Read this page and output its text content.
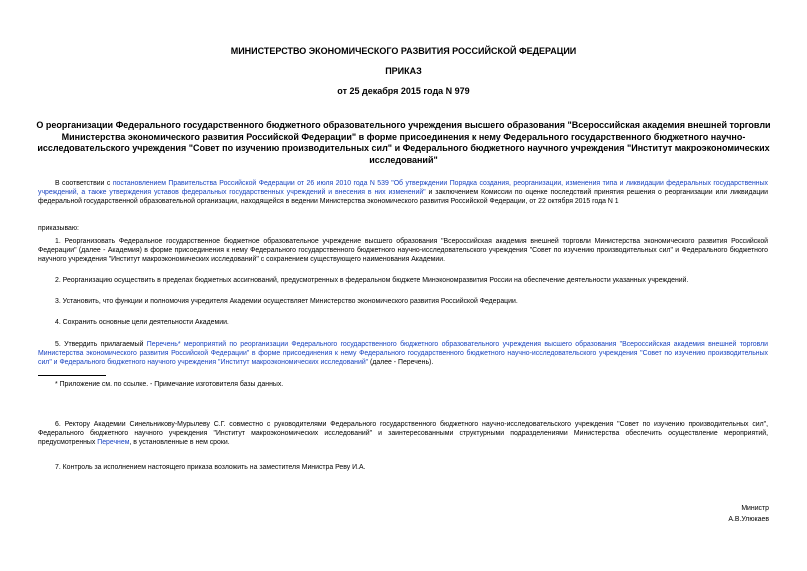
МИНИСТЕРСТВО ЭКОНОМИЧЕСКОГО РАЗВИТИЯ РОССИЙСКОЙ ФЕДЕРАЦИИ

ПРИКАЗ

от 25 декабря 2015 года N 979

О реорганизации Федерального государственного бюджетного образовательного учреждения высшего образования "Всероссийская академия внешней торговли Министерства экономического развития Российской Федерации" в форме присоединения к нему Федерального государственного бюджетного научно-исследовательского учреждения "Совет по изучению производительных сил" и Федерального бюджетного научного учреждения "Институт макроэкономических исследований"

В соответствии с постановлением Правительства Российской Федерации от 26 июля 2010 года N 539 "Об утверждении Порядка создания, реорганизации, изменения типа и ликвидации федеральных государственных учреждений, а также утверждения уставов федеральных государственных учреждений и внесения в них изменений" и заключением Комиссии по оценке последствий принятия решения о реорганизации или ликвидации федеральной государственной образовательной организации, находящейся в ведении Министерства экономического развития Российской Федерации, от 22 октября 2015 года N 1

приказываю:

1. Реорганизовать Федеральное государственное бюджетное образовательное учреждение высшего образования "Всероссийская академия внешней торговли Министерства экономического развития Российской Федерации" (далее - Академия) в форме присоединения к нему Федерального государственного бюджетного научно-исследовательского учреждения "Совет по изучению производительных сил" и Федерального бюджетного научного учреждения "Институт макроэкономических исследований" с сохранением существующего наименования Академии.

2. Реорганизацию осуществить в пределах бюджетных ассигнований, предусмотренных в федеральном бюджете Минэкономразвития России на обеспечение деятельности указанных учреждений.

3. Установить, что функции и полномочия учредителя Академии осуществляет Министерство экономического развития Российской Федерации.

4. Сохранить основные цели деятельности Академии.

5. Утвердить прилагаемый Перечень* мероприятий по реорганизации Федерального государственного бюджетного образовательного учреждения высшего образования "Всероссийская академия внешней торговли Министерства экономического развития Российской Федерации" в форме присоединения к нему Федерального государственного бюджетного научно-исследовательского учреждения "Совет по изучению производительных сил" и Федерального бюджетного научного учреждения "Институт макроэкономических исследований" (далее - Перечень).

* Приложение см. по ссылке. - Примечание изготовителя базы данных.

6. Ректору Академии Синельникову-Мурылеву С.Г. совместно с руководителями Федерального государственного бюджетного научно-исследовательского учреждения "Совет по изучению производительных сил", Федерального бюджетного научного учреждения "Институт макроэкономических исследований" и заинтересованными структурными подразделениями Министерства обеспечить осуществление мероприятий, предусмотренных Перечнем, в установленные в нем сроки.

7. Контроль за исполнением настоящего приказа возложить на заместителя Министра Реву И.А.

Министр

А.В.Улюкаев
